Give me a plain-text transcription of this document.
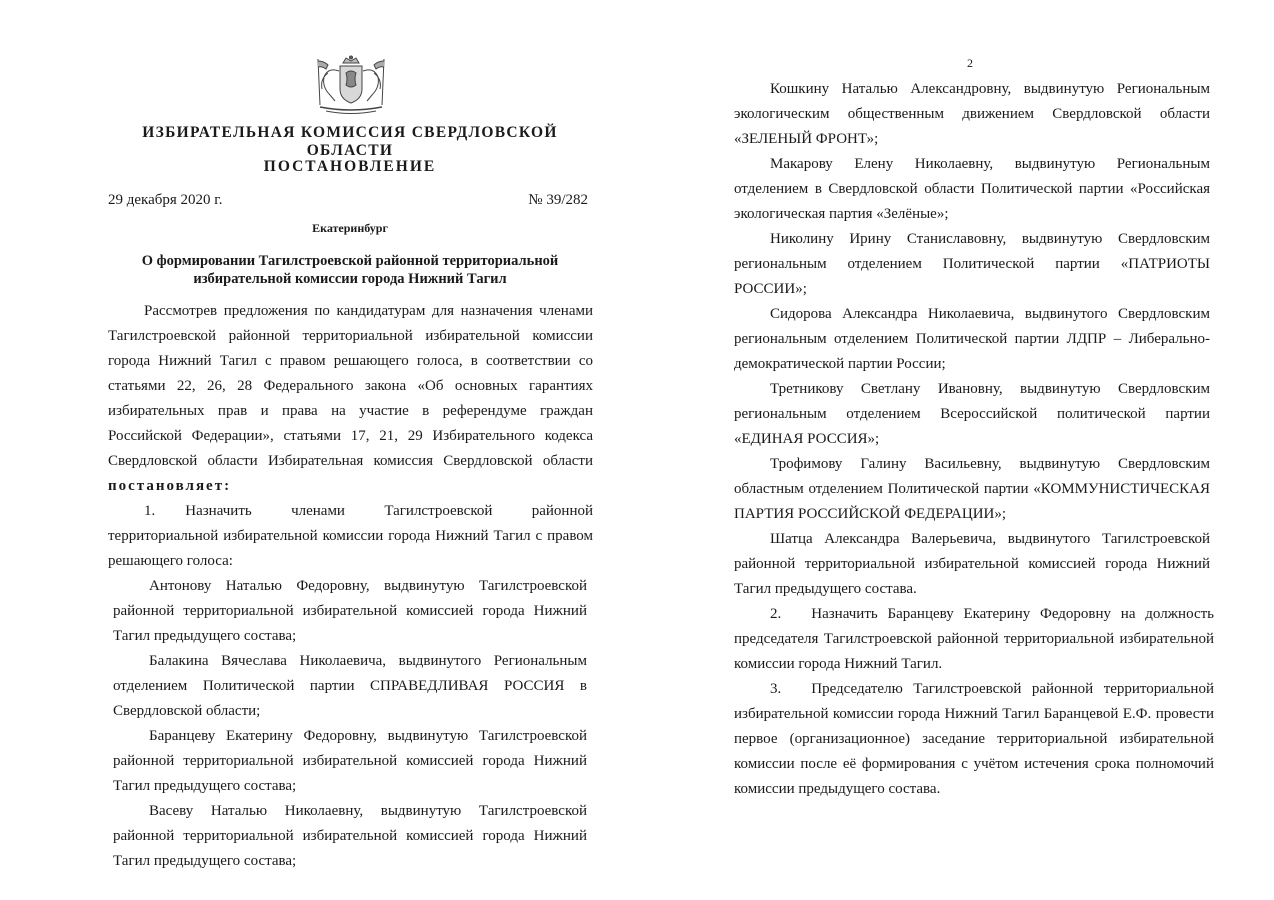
ИЗБИРАТЕЛЬНАЯ КОМИССИЯ СВЕРДЛОВСКОЙ ОБЛАСТИ
ПОСТАНОВЛЕНИЕ
29 декабря 2020 г.	№ 39/282
Екатеринбург
О формировании Тагилстроевской районной территориальной
избирательной комиссии города Нижний Тагил

Рассмотрев предложения по кандидатурам для назначения членами Тагилстроевской районной территориальной избирательной комиссии города Нижний Тагил с правом решающего голоса, в соответствии со статьями 22, 26, 28 Федерального закона «Об основных гарантиях избирательных прав и права на участие в референдуме граждан Российской Федерации», статьями 17, 21, 29 Избирательного кодекса Свердловской области Избирательная комиссия Свердловской области постановляет:

1.  Назначить членами Тагилстроевской районной территориальной избирательной комиссии города Нижний Тагил с правом решающего голоса:

Антонову Наталью Федоровну, выдвинутую Тагилстроевской районной территориальной избирательной комиссией города Нижний Тагил предыдущего состава;

Балакина Вячеслава Николаевича, выдвинутого Региональным отделением Политической партии СПРАВЕДЛИВАЯ РОССИЯ в Свердловской области;

Баранцеву Екатерину Федоровну, выдвинутую Тагилстроевской районной территориальной избирательной комиссией города Нижний Тагил предыдущего состава;

Васеву Наталью Николаевну, выдвинутую Тагилстроевской районной территориальной избирательной комиссией города Нижний Тагил предыдущего состава;

2

Кошкину Наталью Александровну, выдвинутую Региональным экологическим общественным движением Свердловской области «ЗЕЛЕНЫЙ ФРОНТ»;

Макарову Елену Николаевну, выдвинутую Региональным отделением в Свердловской области Политической партии «Российская экологическая партия «Зелёные»;

Николину Ирину Станиславовну, выдвинутую Свердловским региональным отделением Политической партии «ПАТРИОТЫ РОССИИ»;

Сидорова Александра Николаевича, выдвинутого Свердловским региональным отделением Политической партии ЛДПР – Либерально-демократической партии России;

Третникову Светлану Ивановну, выдвинутую Свердловским региональным отделением Всероссийской политической партии «ЕДИНАЯ РОССИЯ»;

Трофимову Галину Васильевну, выдвинутую Свердловским областным отделением Политической партии «КОММУНИСТИЧЕСКАЯ ПАРТИЯ РОССИЙСКОЙ ФЕДЕРАЦИИ»;

Шатца Александра Валерьевича, выдвинутого Тагилстроевской районной территориальной избирательной комиссией города Нижний Тагил предыдущего состава.

2.  Назначить Баранцеву Екатерину Федоровну на должность председателя Тагилстроевской районной территориальной избирательной комиссии города Нижний Тагил.

3.  Председателю Тагилстроевской районной территориальной избирательной комиссии города Нижний Тагил Баранцевой Е.Ф. провести первое (организационное) заседание территориальной избирательной комиссии после её формирования с учётом истечения срока полномочий комиссии предыдущего состава.
